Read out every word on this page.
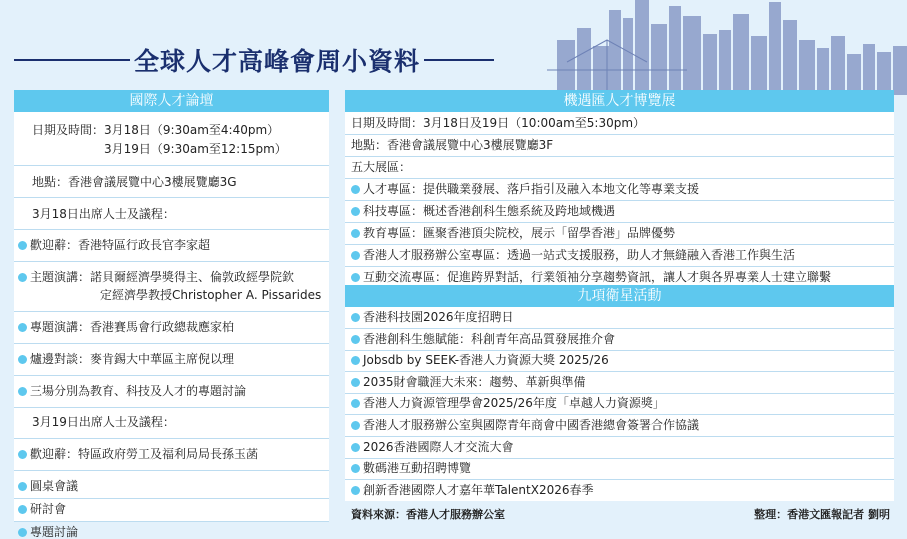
全球人才高峰會周小資料
國際人才論壇
日期及時間：3月18日（9:30am至4:40pm）
3月19日（9:30am至12:15pm）
地點：香港會議展覽中心3樓展覽廳3G
3月18日出席人士及議程：
歡迎辭：香港特區行政長官李家超
主題演講：諾貝爾經濟學獎得主、倫敦政經學院欽
定經濟學教授Christopher A. Pissarides
專題演講：香港賽馬會行政總裁應家柏
爐邊對談：麥肯錫大中華區主席倪以理
三場分別為教育、科技及人才的專題討論
3月19日出席人士及議程：
歡迎辭：特區政府勞工及福利局局長孫玉菡
圓桌會議
研討會
專題討論
機遇匯人才博覽展
日期及時間：3月18日及19日（10:00am至5:30pm）
地點：香港會議展覽中心3樓展覽廳3F
五大展區：
人才專區：提供職業發展、落戶指引及融入本地文化等專業支援
科技專區：概述香港創科生態系統及跨地域機遇
教育專區：匯聚香港頂尖院校，展示「留學香港」品牌優勢
香港人才服務辦公室專區：透過一站式支援服務，助人才無縫融入香港工作與生活
互動交流專區：促進跨界對話，行業領袖分享趨勢資訊，讓人才與各界專業人士建立聯繫
九項衛星活動
香港科技園2026年度招聘日
香港創科生態賦能：科創青年高品質發展推介會
Jobsdb by SEEK-香港人力資源大獎 2025/26
2035財會職涯大未來：趨勢、革新與準備
香港人力資源管理學會2025/26年度「卓越人力資源獎」
香港人才服務辦公室與國際青年商會中國香港總會簽署合作協議
2026香港國際人才交流大會
數碼港互動招聘博覽
創新香港國際人才嘉年華TalentX2026春季
資料來源：香港人才服務辦公室	整理：香港文匯報記者 劉明
